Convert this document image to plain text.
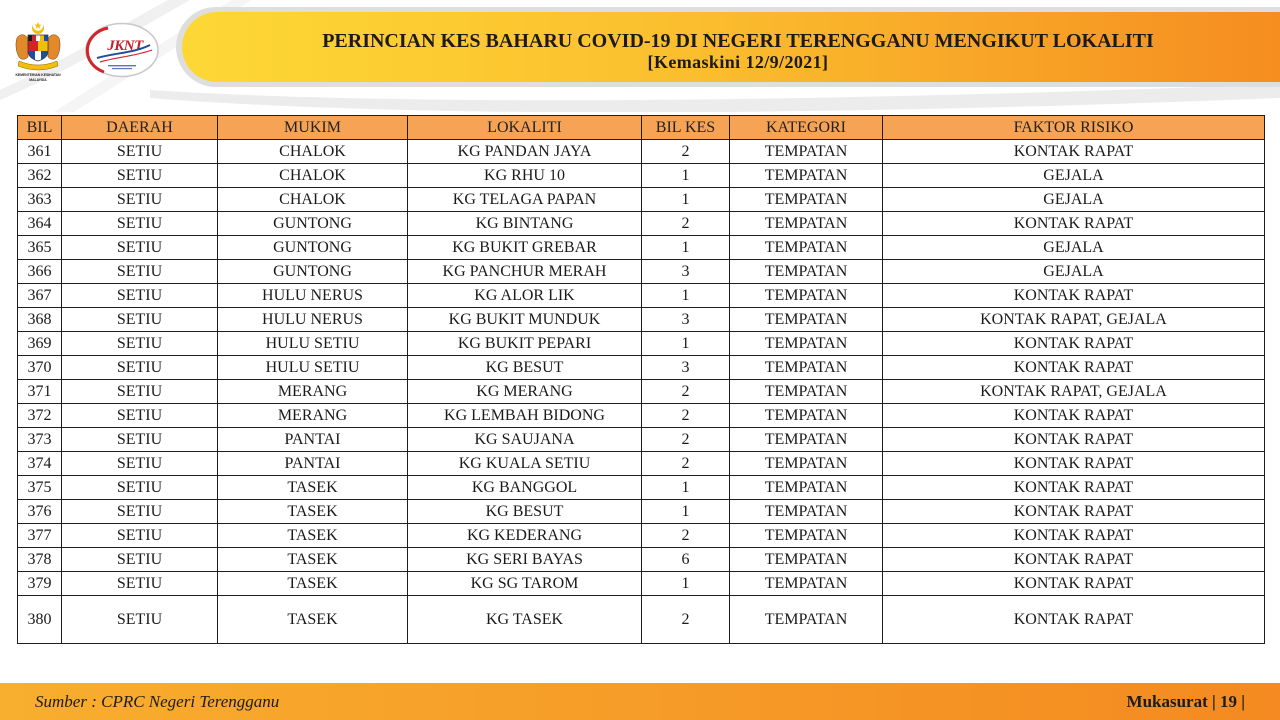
KEMENTERIAN KESIHATAN
MALAYSIA
JKNT	PERINCIAN KES BAHARU COVID-19 DI NEGERI TERENGGANU MENGIKUT LOKALITI
[Kemaskini 12/9/2021]
BIL	DAERAH	MUKIM	LOKALITI	BIL KES	KATEGORI	FAKTOR RISIKO
361	SETIU	CHALOK	KG PANDAN JAYA	2	TEMPATAN	KONTAK RAPAT
362	SETIU	CHALOK	KG RHU 10	1	TEMPATAN	GEJALA
363	SETIU	CHALOK	KG TELAGA PAPAN	1	TEMPATAN	GEJALA
364	SETIU	GUNTONG	KG BINTANG	2	TEMPATAN	KONTAK RAPAT
365	SETIU	GUNTONG	KG BUKIT GREBAR	1	TEMPATAN	GEJALA
366	SETIU	GUNTONG	KG PANCHUR MERAH	3	TEMPATAN	GEJALA
367	SETIU	HULU NERUS	KG ALOR LIK	1	TEMPATAN	KONTAK RAPAT
368	SETIU	HULU NERUS	KG BUKIT MUNDUK	3	TEMPATAN	KONTAK RAPAT, GEJALA
369	SETIU	HULU SETIU	KG BUKIT PEPARI	1	TEMPATAN	KONTAK RAPAT
370	SETIU	HULU SETIU	KG BESUT	3	TEMPATAN	KONTAK RAPAT
371	SETIU	MERANG	KG MERANG	2	TEMPATAN	KONTAK RAPAT, GEJALA
372	SETIU	MERANG	KG LEMBAH BIDONG	2	TEMPATAN	KONTAK RAPAT
373	SETIU	PANTAI	KG SAUJANA	2	TEMPATAN	KONTAK RAPAT
374	SETIU	PANTAI	KG KUALA SETIU	2	TEMPATAN	KONTAK RAPAT
375	SETIU	TASEK	KG BANGGOL	1	TEMPATAN	KONTAK RAPAT
376	SETIU	TASEK	KG BESUT	1	TEMPATAN	KONTAK RAPAT
377	SETIU	TASEK	KG KEDERANG	2	TEMPATAN	KONTAK RAPAT
378	SETIU	TASEK	KG SERI BAYAS	6	TEMPATAN	KONTAK RAPAT
379	SETIU	TASEK	KG SG TAROM	1	TEMPATAN	KONTAK RAPAT
380	SETIU	TASEK	KG TASEK	2	TEMPATAN	KONTAK RAPAT
Sumber : CPRC Negeri Terengganu	Mukasurat | 19 |
